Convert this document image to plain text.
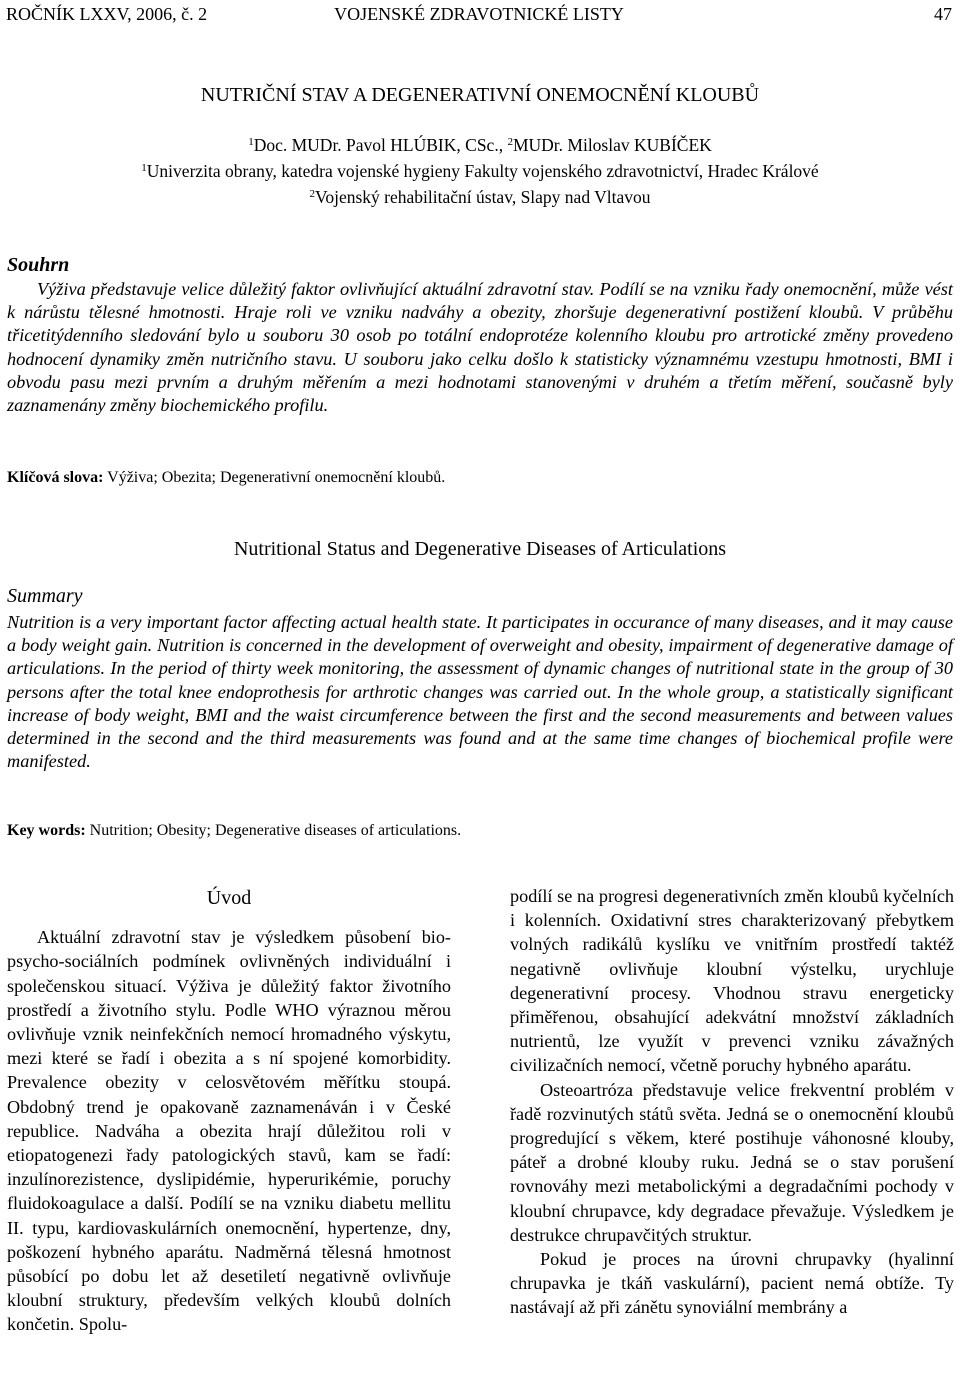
ROČNÍK LXXV, 2006, č. 2	VOJENSKÉ ZDRAVOTNICKÉ LISTY	47
NUTRIČNÍ STAV A DEGENERATIVNÍ ONEMOCNĚNÍ KLOUBŮ
$^1$Doc. MUDr. Pavol HLÚBIK, CSc., $^2$MUDr. Miloslav KUBÍČEK
$^1$Univerzita obrany, katedra vojenské hygieny Fakulty vojenského zdravotnictví, Hradec Králové
$^2$Vojenský rehabilitační ústav, Slapy nad Vltavou
Souhrn

Výživa představuje velice důležitý faktor ovlivňující aktuální zdravotní stav. Podílí se na vzniku řady onemocnění, může vést k nárůstu tělesné hmotnosti. Hraje roli ve vzniku nadváhy a obezity, zhoršuje degenerativní postižení kloubů. V průběhu třicetitýdenního sledování bylo u souboru 30 osob po totální endoprotéze kolenního kloubu pro artrotické změny provedeno hodnocení dynamiky změn nutričního stavu. U souboru jako celku došlo k statisticky významnému vzestupu hmotnosti, BMI i obvodu pasu mezi prvním a druhým měřením a mezi hodnotami stanovenými v druhém a třetím měření, současně byly zaznamenány změny biochemického profilu.

Klíčová slova: Výživa; Obezita; Degenerativní onemocnění kloubů.
Nutritional Status and Degenerative Diseases of Articulations
Summary

Nutrition is a very important factor affecting actual health state. It participates in occurance of many diseases, and it may cause a body weight gain. Nutrition is concerned in the development of overweight and obesity, impairment of degenerative damage of articulations. In the period of thirty week monitoring, the assessment of dynamic changes of nutritional state in the group of 30 persons after the total knee endoprothesis for arthrotic changes was carried out. In the whole group, a statistically significant increase of body weight, BMI and the waist circumference between the first and the second measurements and between values determined in the second and the third measurements was found and at the same time changes of biochemical profile were manifested.

Key words: Nutrition; Obesity; Degenerative diseases of articulations.
Úvod

Aktuální zdravotní stav je výsledkem působení bio-psycho-sociálních podmínek ovlivněných individuální i společenskou situací. Výživa je důležitý faktor životního prostředí a životního stylu. Podle WHO výraznou měrou ovlivňuje vznik neinfekčních nemocí hromadného výskytu, mezi které se řadí i obezita a s ní spojené komorbidity. Prevalence obezity v celosvětovém měřítku stoupá. Obdobný trend je opakovaně zaznamenáván i v České republice. Nadváha a obezita hrají důležitou roli v etiopatogenezi řady patologických stavů, kam se řadí: inzulínorezistence, dyslipidémie, hyperurikémie, poruchy fluidokoagulace a další. Podílí se na vzniku diabetu mellitu II. typu, kardiovaskulárních onemocnění, hypertenze, dny, poškození hybného aparátu. Nadměrná tělesná hmotnost působící po dobu let až desetiletí negativně ovlivňuje kloubní struktury, především velkých kloubů dolních končetin. Spolu-

podílí se na progresi degenerativních změn kloubů kyčelních i kolenních. Oxidativní stres charakterizovaný přebytkem volných radikálů kyslíku ve vnitřním prostředí taktéž negativně ovlivňuje kloubní výstelku, urychluje degenerativní procesy. Vhodnou stravu energeticky přiměřenou, obsahující adekvátní množství základních nutrientů, lze využít v prevenci vzniku závažných civilizačních nemocí, včetně poruchy hybného aparátu.

Osteoartróza představuje velice frekventní problém v řadě rozvinutých států světa. Jedná se o onemocnění kloubů progredující s věkem, které postihuje váhonosné klouby, páteř a drobné klouby ruku. Jedná se o stav porušení rovnováhy mezi metabolickými a degradačními pochody v kloubní chrupavce, kdy degradace převažuje. Výsledkem je destrukce chrupavčitých struktur.

Pokud je proces na úrovni chrupavky (hyalinní chrupavka je tkáň vaskulární), pacient nemá obtíže. Ty nastávají až při zánětu synoviální membrány a
